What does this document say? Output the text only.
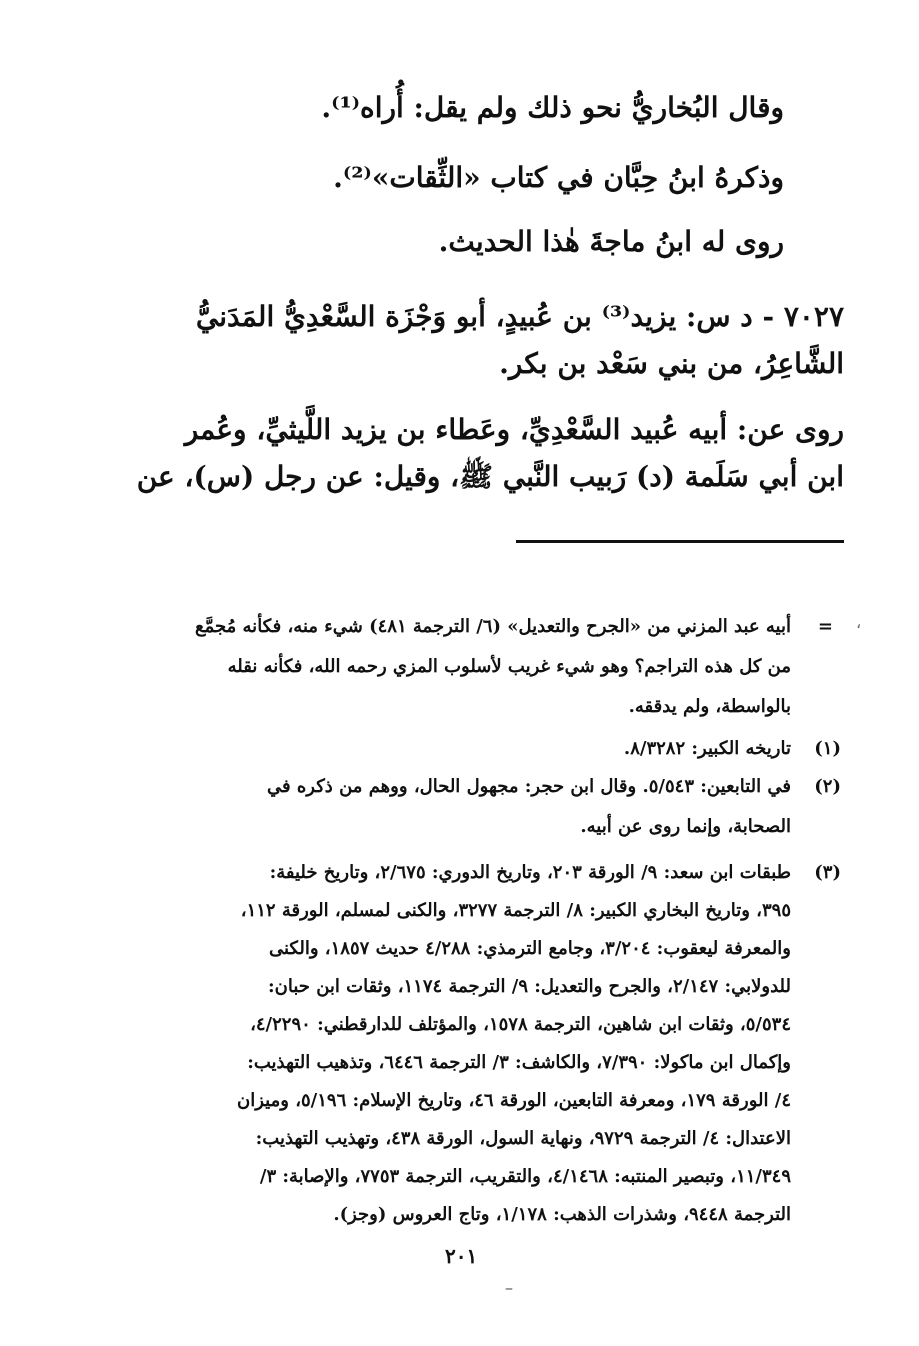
وقال البُخاريُّ نحو ذلك ولم يقل: أُراه⁽¹⁾.
وذكرهُ ابنُ حِبَّان في كتاب «الثِّقات»⁽²⁾.
روى له ابنُ ماجةَ هٰذا الحديث.
٧٠٢٧ - د س: يزيد⁽³⁾ بن عُبيدٍ، أبو وَجْزَة السَّعْدِيُّ المَدَنيُّ
الشَّاعِرُ، من بني سَعْد بن بكر.
روى عن: أبيه عُبيد السَّعْدِيِّ، وعَطاء بن يزيد اللَّيثيِّ، وعُمر
ابن أبي سَلَمة (د) رَبيب النَّبي ﷺ، وقيل: عن رجل (س)، عن
،
=
أبيه عبد المزني من «الجرح والتعديل» (٦/ الترجمة ٤٨١) شيء منه، فكأنه مُجمَّع
من كل هذه التراجم؟ وهو شيء غريب لأسلوب المزي رحمه الله، فكأنه نقله
بالواسطة، ولم يدققه.
(١)
تاريخه الكبير: ٨/٣٢٨٢.
(٢)
في التابعين: ٥/٥٤٣. وقال ابن حجر: مجهول الحال، ووهم من ذكره في
الصحابة، وإنما روى عن أبيه.
(٣)
طبقات ابن سعد: ٩/ الورقة ٢٠٣، وتاريخ الدوري: ٢/٦٧٥، وتاريخ خليفة:
٣٩٥، وتاريخ البخاري الكبير: ٨/ الترجمة ٣٢٧٧، والكنى لمسلم، الورقة ١١٢،
والمعرفة ليعقوب: ٣/٢٠٤، وجامع الترمذي: ٤/٢٨٨ حديث ١٨٥٧، والكنى
للدولابي: ٢/١٤٧، والجرح والتعديل: ٩/ الترجمة ١١٧٤، وثقات ابن حبان:
٥/٥٣٤، وثقات ابن شاهين، الترجمة ١٥٧٨، والمؤتلف للدارقطني: ٤/٢٢٩٠،
وإكمال ابن ماكولا: ٧/٣٩٠، والكاشف: ٣/ الترجمة ٦٤٤٦، وتذهيب التهذيب:
٤/ الورقة ١٧٩، ومعرفة التابعين، الورقة ٤٦، وتاريخ الإسلام: ٥/١٩٦، وميزان
الاعتدال: ٤/ الترجمة ٩٧٢٩، ونهاية السول، الورقة ٤٣٨، وتهذيب التهذيب:
١١/٣٤٩، وتبصير المنتبه: ٤/١٤٦٨، والتقريب، الترجمة ٧٧٥٣، والإصابة: ٣/
الترجمة ٩٤٤٨، وشذرات الذهب: ١/١٧٨، وتاج العروس (وجز).
٢٠١
–
